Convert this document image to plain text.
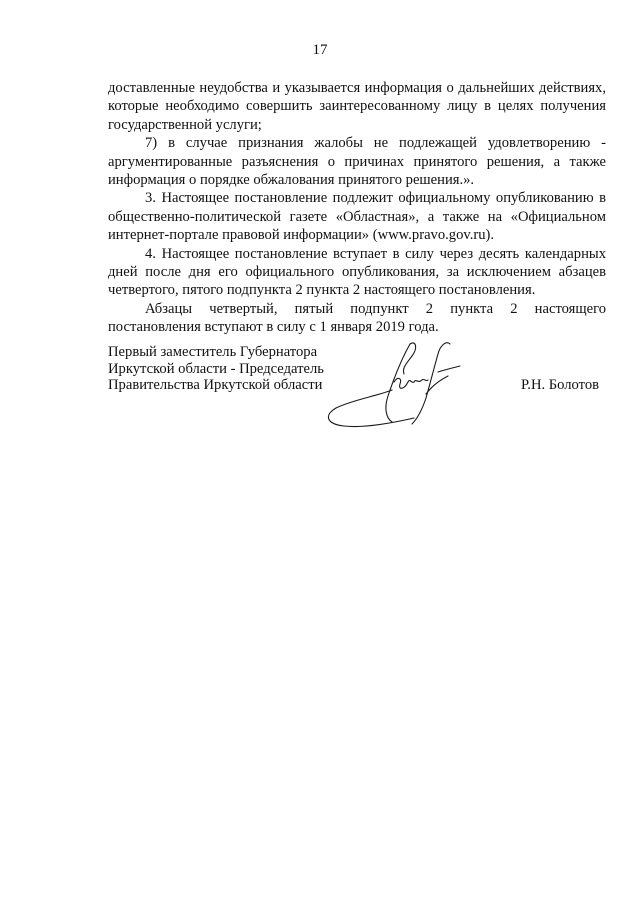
17

доставленные неудобства и указывается информация о дальнейших действиях, которые необходимо совершить заинтересованному лицу в целях получения государственной услуги;

7) в случае признания жалобы не подлежащей удовлетворению - аргументированные разъяснения о причинах принятого решения, а также информация о порядке обжалования принятого решения.».

3. Настоящее постановление подлежит официальному опубликованию в общественно-политической газете «Областная», а также на «Официальном интернет-портале правовой информации» (www.pravo.gov.ru).

4. Настоящее постановление вступает в силу через десять календарных дней после дня его официального опубликования, за исключением абзацев четвертого, пятого подпункта 2 пункта 2 настоящего постановления.

Абзацы четвертый, пятый подпункт 2 пункта 2 настоящего постановления вступают в силу с 1 января 2019 года.

Первый заместитель Губернатора
Иркутской области - Председатель
Правительства Иркутской области	Р.Н. Болотов
